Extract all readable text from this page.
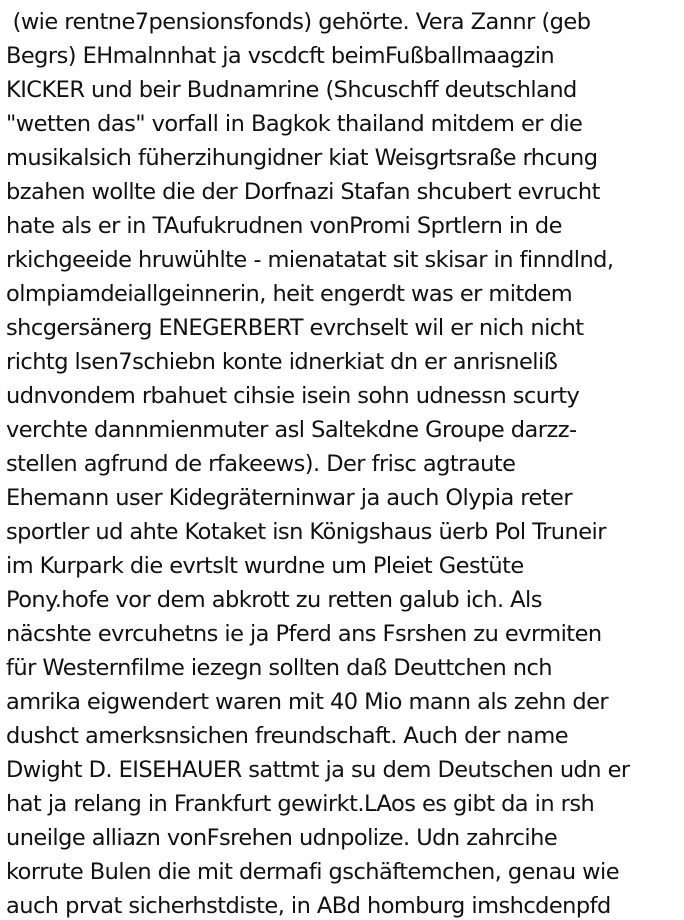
(wie rentne7pensionsfonds) gehörte. Vera Zannr (geb
Begrs) EHmalnnhat ja vscdcft beimFußballmaagzin
KICKER und beir Budnamrine (Shcuschff deutschland
"wetten das" vorfall in Bagkok thailand mitdem er die
musikalsich füherzihungidner kiat Weisgrtsraße rhcung
bzahen wollte die der Dorfnazi Stafan shcubert evrucht
hate als er in TAufukrudnen vonPromi Sprtlern in de
rkichgeeide hruwühlte - mienatatat sit skisar in finndlnd,
olmpiamdeiallgeinnerin, heit engerdt was er mitdem
shcgersänerg ENEGERBERT evrchselt wil er nich nicht
richtg lsen7schiebn konte idnerkiat dn er anrisneliß
udnvondem rbahuet cihsie isein sohn udnessn scurty
verchte dannmienmuter asl Saltekdne Groupe darzz-
stellen agfrund de rfakeews). Der frisc agtraute
Ehemann user Kidegräterninwar ja auch Olypia reter
sportler ud ahte Kotaket isn Königshaus üerb Pol Truneir
im Kurpark die evrtslt wurdne um Pleiet Gestüte
Pony.hofe vor dem abkrott zu retten galub ich. Als
näcshte evrcuhetns ie ja Pferd ans Fsrshen zu evrmiten
für Westernfilme iezegn sollten daß Deuttchen nch
amrika eigwendert waren mit 40 Mio mann als zehn der
dushct amerksnsichen freundschaft. Auch der name
Dwight D. EISEHAUER sattmt ja su dem Deutschen udn er
hat ja relang in Frankfurt gewirkt.LAos es gibt da in rsh
uneilge alliazn vonFsrehen udnpolize. Udn zahrcihe
korrute Bulen die mit dermafi gschäftemchen, genau wie
auch prvat sicherhstdiste, in ABd homburg imshcdenpfd
